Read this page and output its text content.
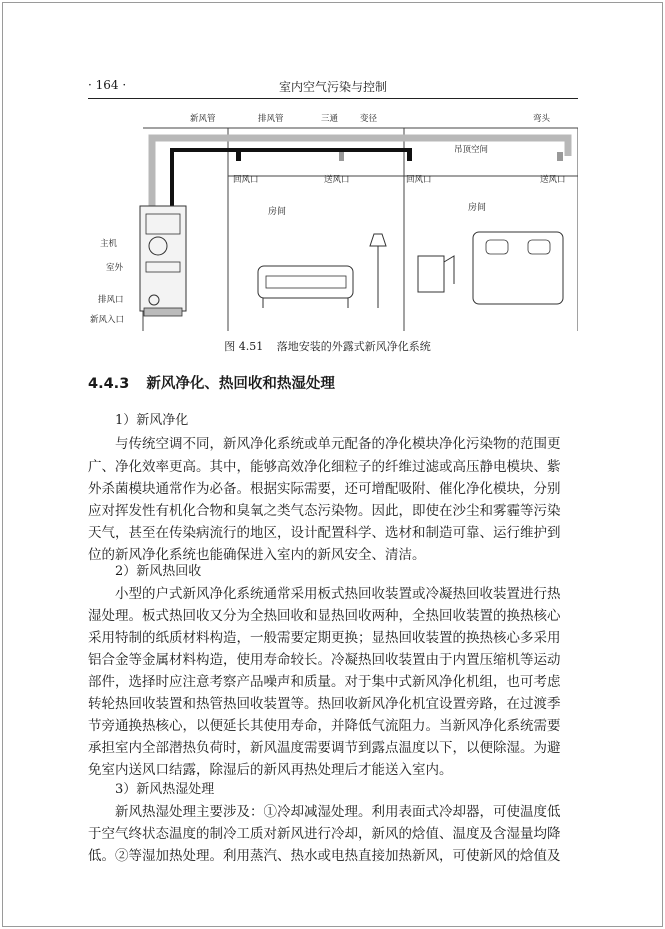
· 164 ·	室内空气污染与控制
新风管	排风管	三通	变径	弯头
吊顶空间
回风口	送风口	回风口	送风口
房间	房间
主机
室外
排风口
新风入口
图 4.51 落地安装的外露式新风净化系统
4.4.3 新风净化、热回收和热湿处理
1）新风净化
与传统空调不同，新风净化系统或单元配备的净化模块净化污染物的范围更
广、净化效率更高。其中，能够高效净化细粒子的纤维过滤或高压静电模块、紫
外杀菌模块通常作为必备。根据实际需要，还可增配吸附、催化净化模块，分别
应对挥发性有机化合物和臭氧之类气态污染物。因此，即使在沙尘和雾霾等污染
天气，甚至在传染病流行的地区，设计配置科学、选材和制造可靠、运行维护到
位的新风净化系统也能确保进入室内的新风安全、清洁。
2）新风热回收
小型的户式新风净化系统通常采用板式热回收装置或冷凝热回收装置进行热
湿处理。板式热回收又分为全热回收和显热回收两种，全热回收装置的换热核心
采用特制的纸质材料构造，一般需要定期更换；显热回收装置的换热核心多采用
铝合金等金属材料构造，使用寿命较长。冷凝热回收装置由于内置压缩机等运动
部件，选择时应注意考察产品噪声和质量。对于集中式新风净化机组，也可考虑
转轮热回收装置和热管热回收装置等。热回收新风净化机宜设置旁路，在过渡季
节旁通换热核心，以便延长其使用寿命，并降低气流阻力。当新风净化系统需要
承担室内全部潜热负荷时，新风温度需要调节到露点温度以下，以便除湿。为避
免室内送风口结露，除湿后的新风再热处理后才能送入室内。
3）新风热湿处理
新风热湿处理主要涉及：①冷却减湿处理。利用表面式冷却器，可使温度低
于空气终状态温度的制冷工质对新风进行冷却，新风的焓值、温度及含湿量均降
低。②等湿加热处理。利用蒸汽、热水或电热直接加热新风，可使新风的焓值及
